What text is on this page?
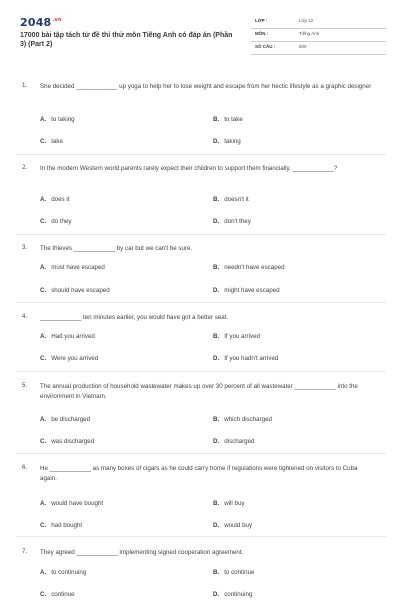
$2048^{.vn}$
17000 bài tập tách từ đề thi thử môn Tiếng Anh có đáp án (Phần 3) (Part 2)
LỚP :	Lớp 12
MÔN :	Tiếng Anh
SỐ CÂU :	500
1. She decided ____________ up yoga to help her to lose weight and escape from her hectic lifestyle as a graphic designer
A. to taking	B. to take
C. take	D. taking
2. In the modern Western world parents rarely expect their children to support them financially, ____________?
A. does it	B. doesn't it
C. do they	D. don't they
3. The thieves ____________ by car but we can't be sure.
A. must have escaped	B. needn't have escaped
C. should have escaped	D. might have escaped
4. ____________ ten minutes earlier, you would have got a better seat.
A. Had you arrived	B. If you arrived
C. Were you arrived	D. If you hadn't arrived
5. The annual production of household wastewater makes up over 30 percent of all wastewater ____________ into the environment in Vietnam.
A. be discharged	B. which discharged
C. was discharged	D. discharged
6. He ____________ as many boxes of cigars as he could carry home if regulations were tightened on visitors to Cuba again.
A. would have bought	B. will buy
C. had bought	D. would buy
7. They agreed ____________ implementing signed cooperation agreement.
A. to continuing	B. to continue
C. continue	D. continuing
